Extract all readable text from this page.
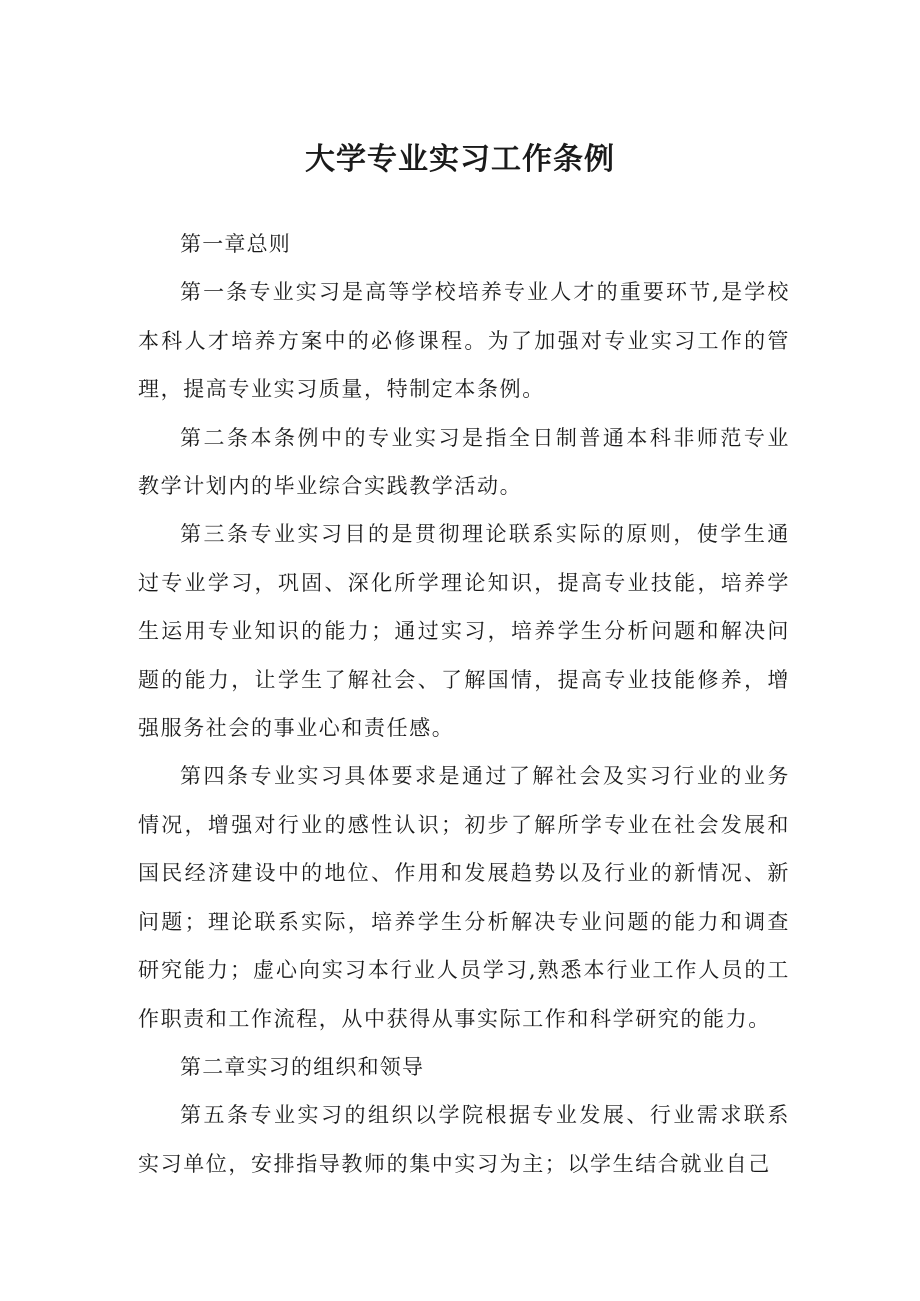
大学专业实习工作条例

第一章总则

第一条专业实习是高等学校培养专业人才的重要环节,是学校本科人才培养方案中的必修课程。为了加强对专业实习工作的管理，提高专业实习质量，特制定本条例。

第二条本条例中的专业实习是指全日制普通本科非师范专业教学计划内的毕业综合实践教学活动。

第三条专业实习目的是贯彻理论联系实际的原则，使学生通过专业学习，巩固、深化所学理论知识，提高专业技能，培养学生运用专业知识的能力；通过实习，培养学生分析问题和解决问题的能力，让学生了解社会、了解国情，提高专业技能修养，增强服务社会的事业心和责任感。

第四条专业实习具体要求是通过了解社会及实习行业的业务情况，增强对行业的感性认识；初步了解所学专业在社会发展和国民经济建设中的地位、作用和发展趋势以及行业的新情况、新问题；理论联系实际，培养学生分析解决专业问题的能力和调查研究能力；虚心向实习本行业人员学习,熟悉本行业工作人员的工作职责和工作流程，从中获得从事实际工作和科学研究的能力。

第二章实习的组织和领导

第五条专业实习的组织以学院根据专业发展、行业需求联系实习单位，安排指导教师的集中实习为主；以学生结合就业自己
